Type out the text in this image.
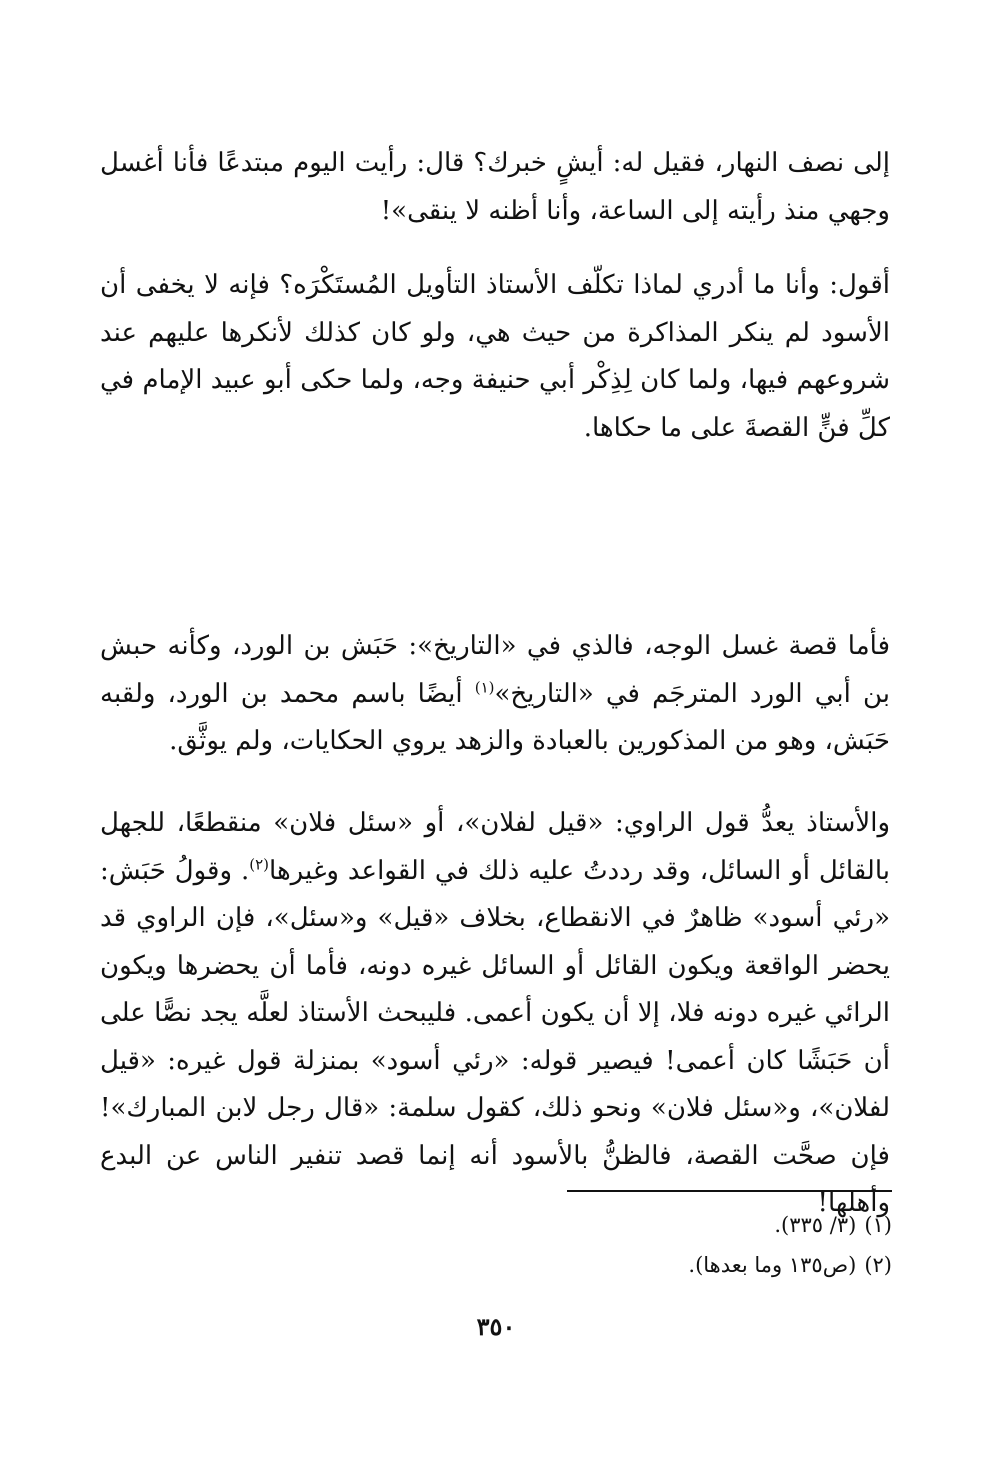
إلى نصف النهار، فقيل له: أيشٍ خبرك؟ قال: رأيت اليوم مبتدعًا فأنا أغسل وجهي منذ رأيته إلى الساعة، وأنا أظنه لا ينقى»!

أقول: وأنا ما أدري لماذا تكلّف الأستاذ التأويل المُستَكْرَه؟ فإنه لا يخفى أن الأسود لم ينكر المذاكرة من حيث هي، ولو كان كذلك لأنكرها عليهم عند شروعهم فيها، ولما كان لِذِكْر أبي حنيفة وجه، ولما حكى أبو عبيد الإمام في كلِّ فنٍّ القصةَ على ما حكاها.

فأما قصة غسل الوجه، فالذي في «التاريخ»: حَبَش بن الورد، وكأنه حبش بن أبي الورد المترجَم في «التاريخ»$^{(١)}$ أيضًا باسم محمد بن الورد، ولقبه حَبَش، وهو من المذكورين بالعبادة والزهد يروي الحكايات، ولم يوثَّق.

والأستاذ يعدُّ قول الراوي: «قيل لفلان»، أو «سئل فلان» منقطعًا، للجهل بالقائل أو السائل، وقد رددتُ عليه ذلك في القواعد وغيرها$^{(٢)}$. وقولُ حَبَش: «رئي أسود» ظاهرٌ في الانقطاع، بخلاف «قيل» و«سئل»، فإن الراوي قد يحضر الواقعة ويكون القائل أو السائل غيره دونه، فأما أن يحضرها ويكون الرائي غيره دونه فلا، إلا أن يكون أعمى. فليبحث الأستاذ لعلَّه يجد نصًّا على أن حَبَشًا كان أعمى! فيصير قوله: «رئي أسود» بمنزلة قول غيره: «قيل لفلان»، و«سئل فلان» ونحو ذلك، كقول سلمة: «قال رجل لابن المبارك»! فإن صحَّت القصة، فالظنُّ بالأسود أنه إنما قصد تنفير الناس عن البدع وأهلها!

(١)(٣/ ٣٣٥).

(٢)(ص١٣٥ وما بعدها).

٣٥٠
